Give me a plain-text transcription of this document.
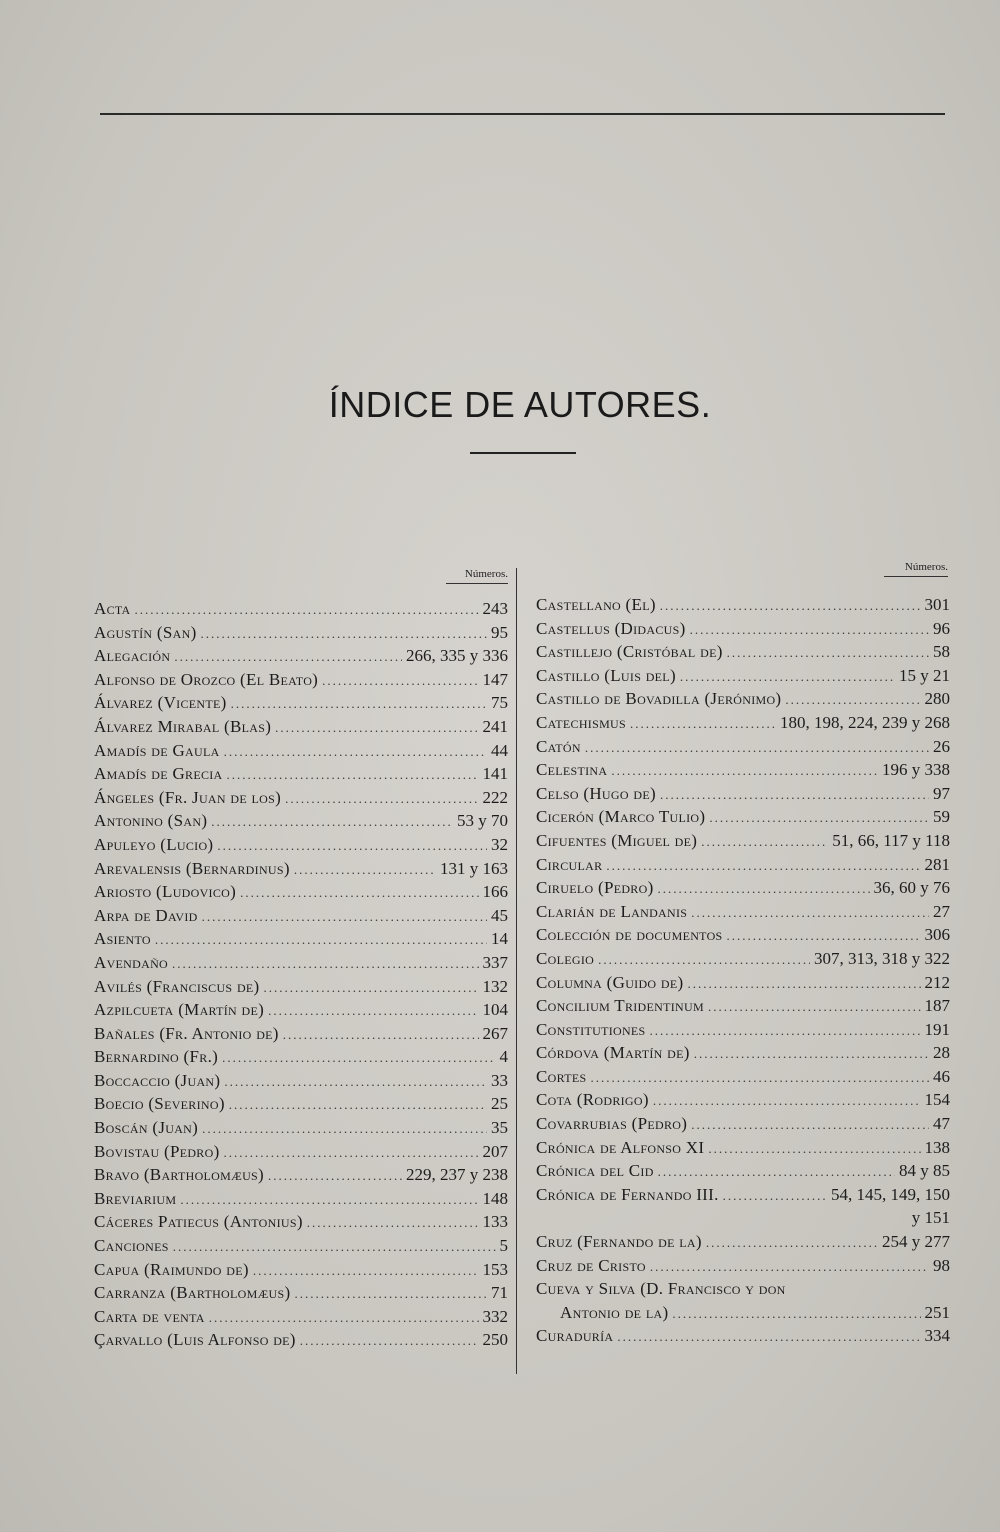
ÍNDICE DE AUTORES.
Números.
Números.
Acta .....	243
Agustín (San) .....	95
Alegación .....	266, 335 y 336
Alfonso de Orozco (El Beato) .....	147
Álvarez (Vicente) .....	75
Álvarez Mirabal (Blas) .....	241
Amadís de Gaula .....	44
Amadís de Grecia .....	141
Ángeles (Fr. Juan de los) .....	222
Antonino (San) .....	53 y 70
Apuleyo (Lucio) .....	32
Arevalensis (Bernardinus) .....	131 y 163
Ariosto (Ludovico) .....	166
Arpa de David .....	45
Asiento .....	14
Avendaño .....	337
Avilés (Franciscus de) .....	132
Azpilcueta (Martín de) .....	104
Bañales (Fr. Antonio de) .....	267
Bernardino (Fr.) .....	4
Boccaccio (Juan) .....	33
Boecio (Severino) .....	25
Boscán (Juan) .....	35
Bovistau (Pedro) .....	207
Bravo (Bartholomæus) .....	229, 237 y 238
Breviarium .....	148
Cáceres Patiecus (Antonius) .....	133
Canciones .....	5
Capua (Raimundo de) .....	153
Carranza (Bartholomæus) .....	71
Carta de venta .....	332
Çarvallo (Luis Alfonso de) .....	250
Castellano (El) .....	301
Castellus (Didacus) .....	96
Castillejo (Cristóbal de) .....	58
Castillo (Luis del) .....	15 y 21
Castillo de Bovadilla (Jerónimo) .....	280
Catechismus .....	180, 198, 224, 239 y 268
Catón .....	26
Celestina .....	196 y 338
Celso (Hugo de) .....	97
Cicerón (Marco Tulio) .....	59
Cifuentes (Miguel de) .....	51, 66, 117 y 118
Circular .....	281
Ciruelo (Pedro) .....	36, 60 y 76
Clarián de Landanis .....	27
Colección de documentos .....	306
Colegio .....	307, 313, 318 y 322
Columna (Guido de) .....	212
Concilium Tridentinum .....	187
Constitutiones .....	191
Córdova (Martín de) .....	28
Cortes .....	46
Cota (Rodrigo) .....	154
Covarrubias (Pedro) .....	47
Crónica de Alfonso XI .....	138
Crónica del Cid .....	84 y 85
Crónica de Fernando III. .....	54, 145, 149, 150
y 151
Cruz (Fernando de la) .....	254 y 277
Cruz de Cristo .....	98
Cueva y Silva (D. Francisco y don
Antonio de la) .....	251
Curaduría .....	334
